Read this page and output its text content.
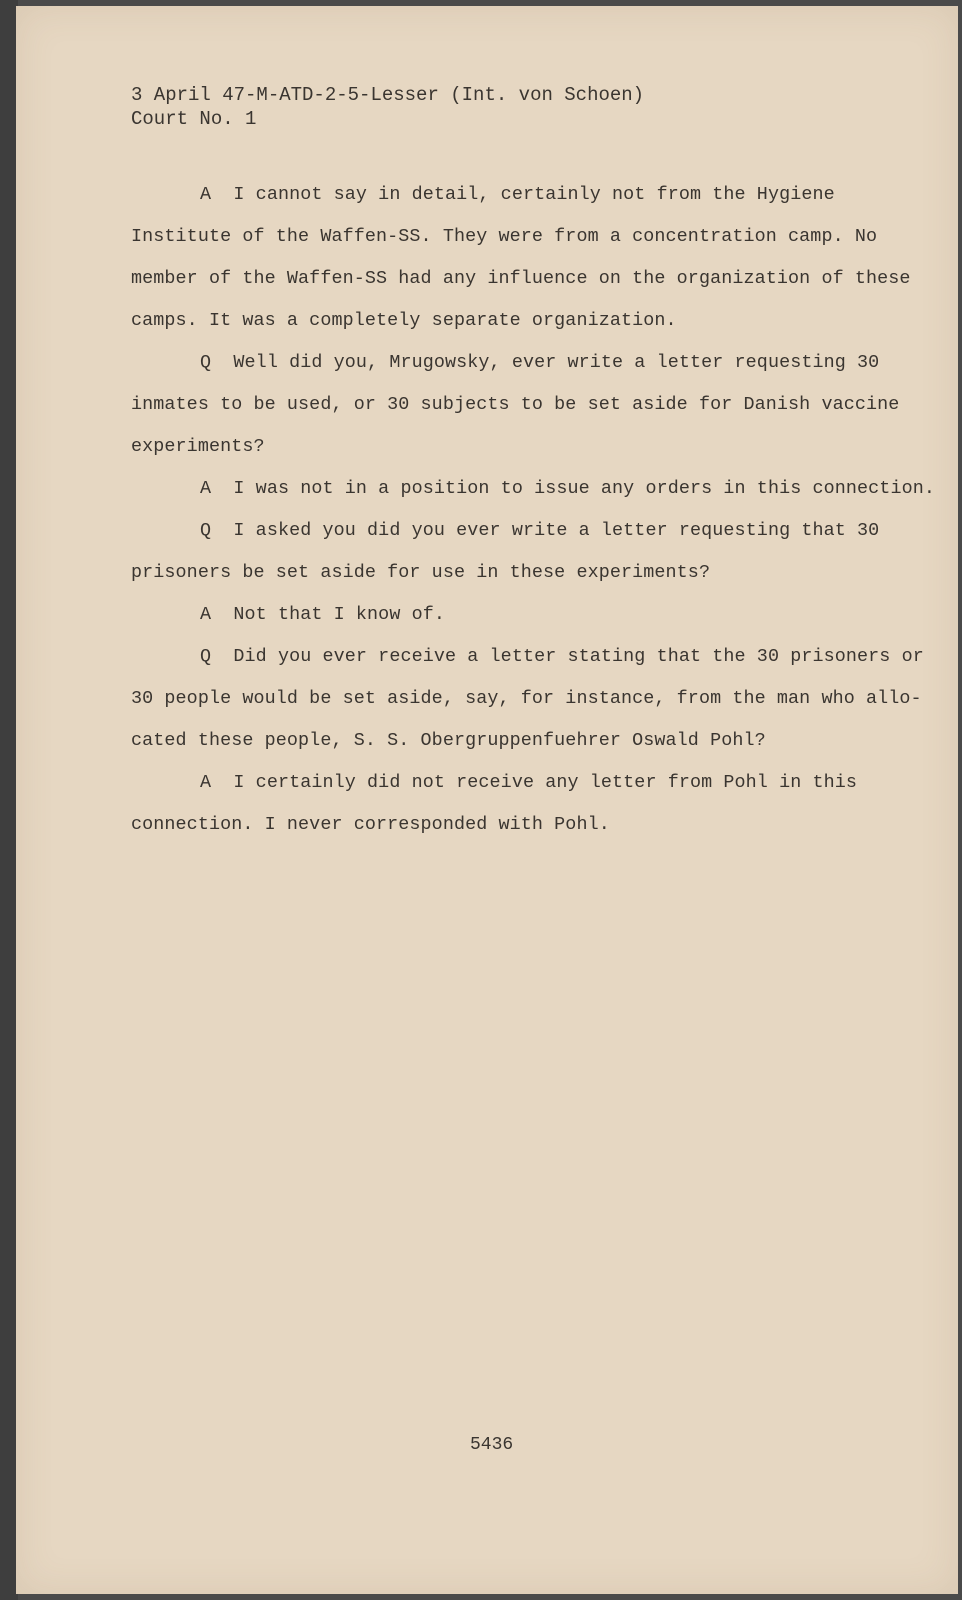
3 April 47-M-ATD-2-5-Lesser (Int. von Schoen)
Court No. 1
A  I cannot say in detail, certainly not from the Hygiene
Institute of the Waffen-SS. They were from a concentration camp. No
member of the Waffen-SS had any influence on the organization of these
camps. It was a completely separate organization.
Q  Well did you, Mrugowsky, ever write a letter requesting 30
inmates to be used, or 30 subjects to be set aside for Danish vaccine
experiments?
A  I was not in a position to issue any orders in this connection.
Q  I asked you did you ever write a letter requesting that 30
prisoners be set aside for use in these experiments?
A  Not that I know of.
Q  Did you ever receive a letter stating that the 30 prisoners or
30 people would be set aside, say, for instance, from the man who allo-
cated these people, S. S. Obergruppenfuehrer Oswald Pohl?
A  I certainly did not receive any letter from Pohl in this
connection. I never corresponded with Pohl.
5436
